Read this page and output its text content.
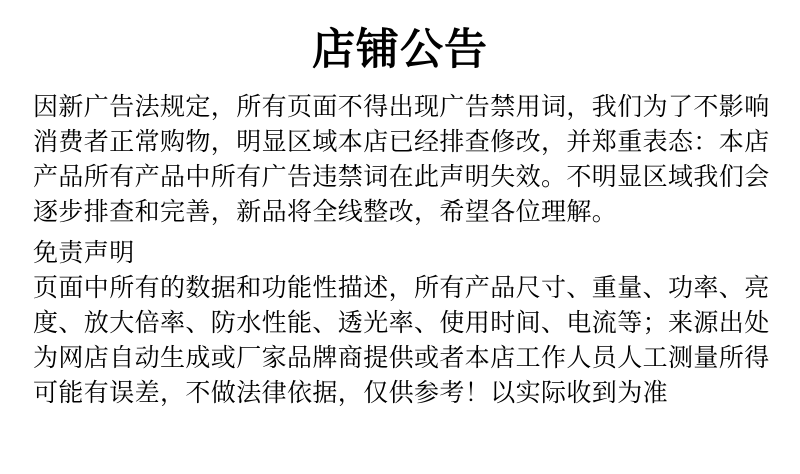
店铺公告

因新广告法规定，所有页面不得出现广告禁用词，我们为了不影响消费者正常购物，明显区域本店已经排查修改，并郑重表态：本店产品所有产品中所有广告违禁词在此声明失效。不明显区域我们会逐步排查和完善，新品将全线整改，希望各位理解。

免责声明
页面中所有的数据和功能性描述，所有产品尺寸、重量、功率、亮度、放大倍率、防水性能、透光率、使用时间、电流等；来源出处为网店自动生成或厂家品牌商提供或者本店工作人员人工测量所得可能有误差，不做法律依据，仅供参考！以实际收到为准
